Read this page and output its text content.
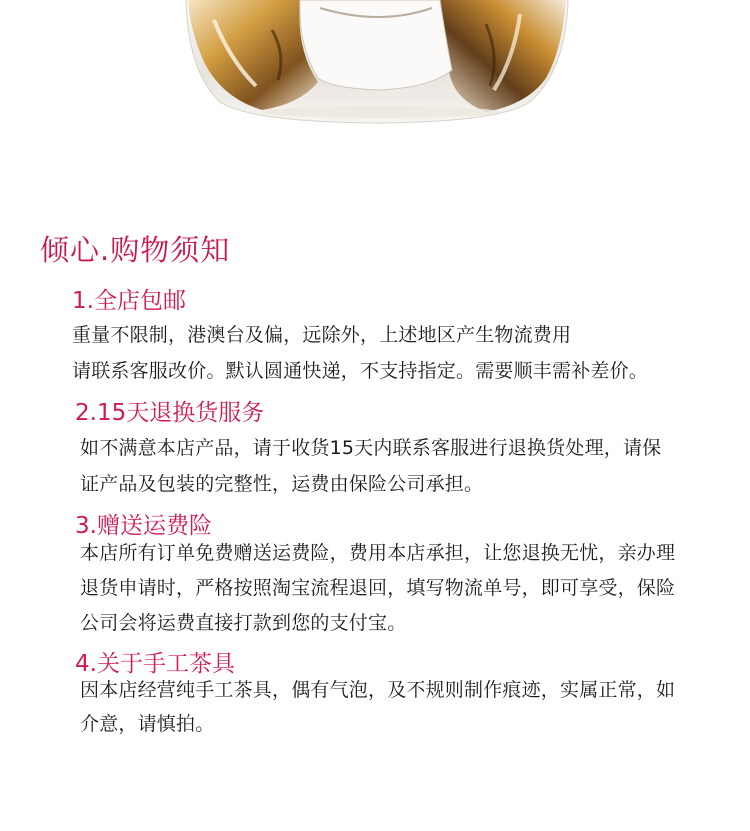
倾心.购物须知
1.全店包邮
重量不限制，港澳台及偏，远除外，上述地区产生物流费用
请联系客服改价。默认圆通快递，不支持指定。需要顺丰需补差价。
2.15天退换货服务
如不满意本店产品，请于收货15天内联系客服进行退换货处理，请保
证产品及包装的完整性，运费由保险公司承担。
3.赠送运费险
本店所有订单免费赠送运费险，费用本店承担，让您退换无忧，亲办理
退货申请时，严格按照淘宝流程退回，填写物流单号，即可享受，保险
公司会将运费直接打款到您的支付宝。
4.关于手工茶具
因本店经营纯手工茶具，偶有气泡，及不规则制作痕迹，实属正常，如
介意，请慎拍。
